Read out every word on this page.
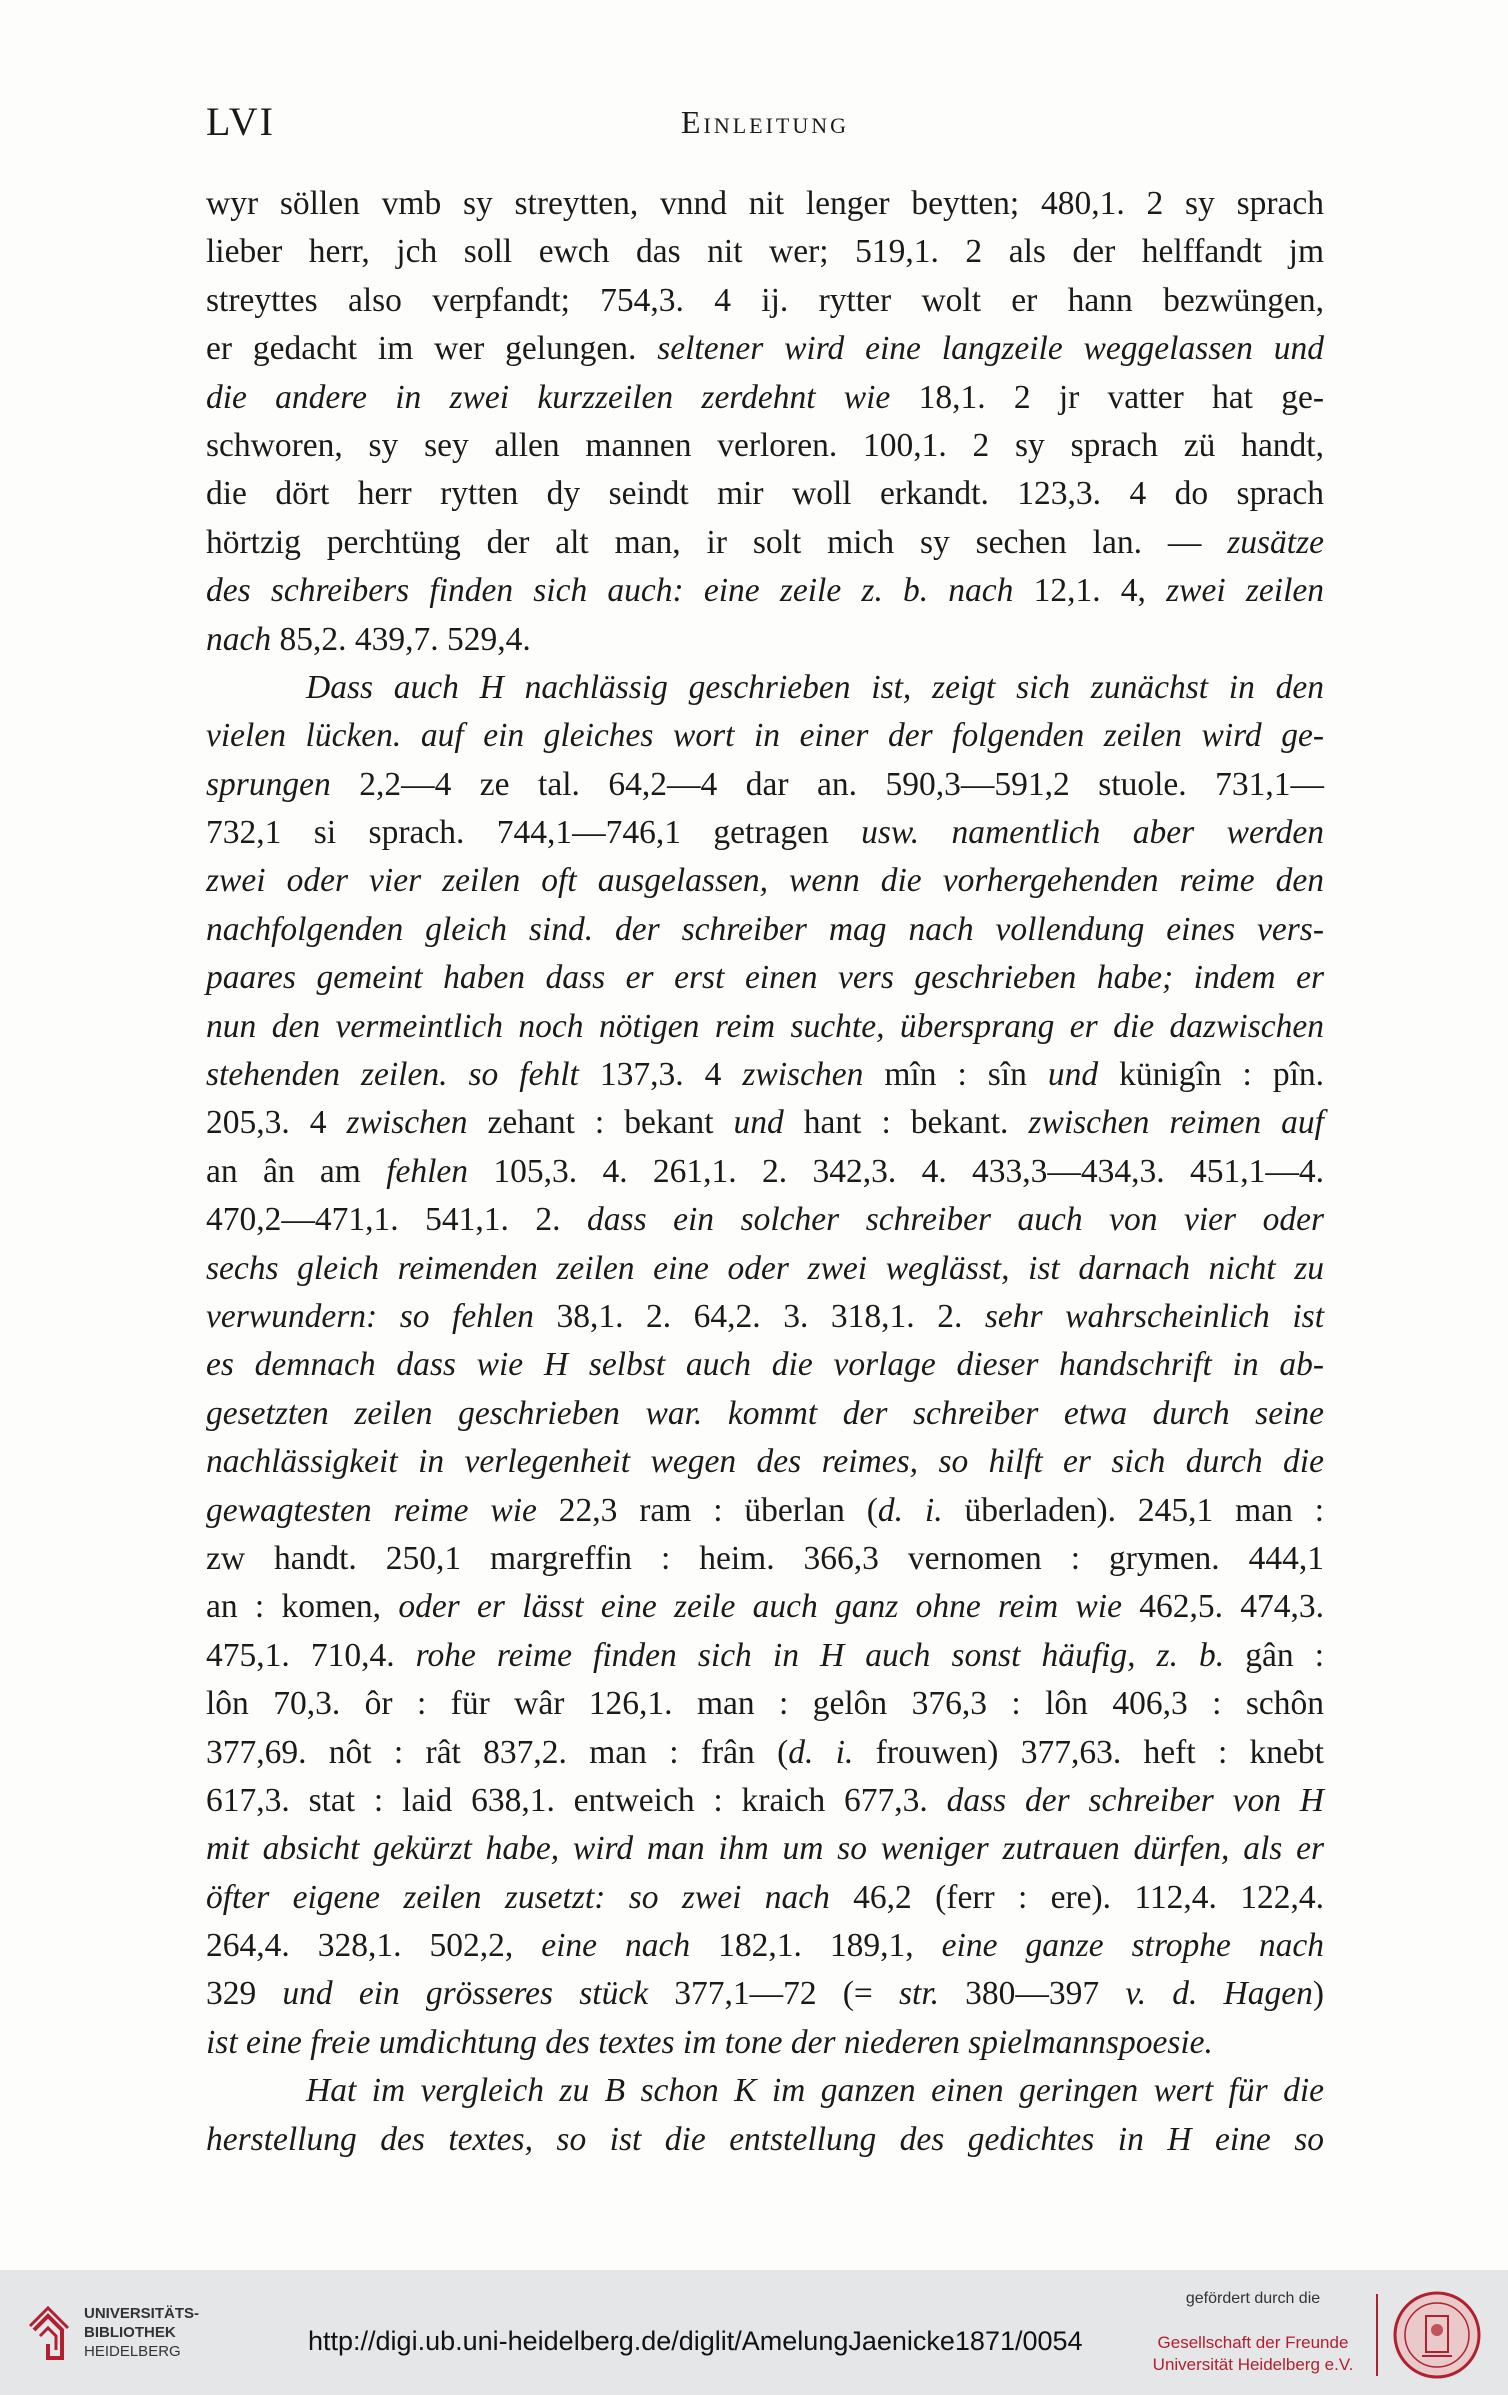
LVI	Einleitung
wyr söllen vmb sy streytten, vnnd nit lenger beytten; 480,1. 2 sy sprach
lieber herr, jch soll ewch das nit wer; 519,1. 2 als der helffandt jm
streyttes also verpfandt; 754,3. 4 ij. rytter wolt er hann bezwüngen,
er gedacht im wer gelungen. seltener wird eine langzeile weggelassen und
die andere in zwei kurzzeilen zerdehnt wie 18,1. 2 jr vatter hat ge-
schworen, sy sey allen mannen verloren. 100,1. 2 sy sprach zü handt,
die dört herr rytten dy seindt mir woll erkandt. 123,3. 4 do sprach
hörtzig perchtüng der alt man, ir solt mich sy sechen lan. — zusätze
des schreibers finden sich auch: eine zeile z. b. nach 12,1. 4, zwei zeilen
nach 85,2. 439,7. 529,4.
Dass auch H nachlässig geschrieben ist, zeigt sich zunächst in den
vielen lücken. auf ein gleiches wort in einer der folgenden zeilen wird ge-
sprungen 2,2—4 ze tal. 64,2—4 dar an. 590,3—591,2 stuole. 731,1—
732,1 si sprach. 744,1—746,1 getragen usw. namentlich aber werden
zwei oder vier zeilen oft ausgelassen, wenn die vorhergehenden reime den
nachfolgenden gleich sind. der schreiber mag nach vollendung eines vers-
paares gemeint haben dass er erst einen vers geschrieben habe; indem er
nun den vermeintlich noch nötigen reim suchte, übersprang er die dazwischen
stehenden zeilen. so fehlt 137,3. 4 zwischen mîn : sîn und künigîn : pîn.
205,3. 4 zwischen zehant : bekant und hant : bekant. zwischen reimen auf
an ân am fehlen 105,3. 4. 261,1. 2. 342,3. 4. 433,3—434,3. 451,1—4.
470,2—471,1. 541,1. 2. dass ein solcher schreiber auch von vier oder
sechs gleich reimenden zeilen eine oder zwei weglässt, ist darnach nicht zu
verwundern: so fehlen 38,1. 2. 64,2. 3. 318,1. 2. sehr wahrscheinlich ist
es demnach dass wie H selbst auch die vorlage dieser handschrift in ab-
gesetzten zeilen geschrieben war. kommt der schreiber etwa durch seine
nachlässigkeit in verlegenheit wegen des reimes, so hilft er sich durch die
gewagtesten reime wie 22,3 ram : überlan (d. i. überladen). 245,1 man :
zw handt. 250,1 margreffin : heim. 366,3 vernomen : grymen. 444,1
an : komen, oder er lässt eine zeile auch ganz ohne reim wie 462,5. 474,3.
475,1. 710,4. rohe reime finden sich in H auch sonst häufig, z. b. gân :
lôn 70,3. ôr : für wâr 126,1. man : gelôn 376,3 : lôn 406,3 : schôn
377,69. nôt : rât 837,2. man : frân (d. i. frouwen) 377,63. heft : knebt
617,3. stat : laid 638,1. entweich : kraich 677,3. dass der schreiber von H
mit absicht gekürzt habe, wird man ihm um so weniger zutrauen dürfen, als er
öfter eigene zeilen zusetzt: so zwei nach 46,2 (ferr : ere). 112,4. 122,4.
264,4. 328,1. 502,2, eine nach 182,1. 189,1, eine ganze strophe nach
329 und ein grösseres stück 377,1—72 (= str. 380—397 v. d. Hagen)
ist eine freie umdichtung des textes im tone der niederen spielmannspoesie.
Hat im vergleich zu B schon K im ganzen einen geringen wert für die
herstellung des textes, so ist die entstellung des gedichtes in H eine so
UNIVERSITÄTS-
BIBLIOTHEK
HEIDELBERG	http://digi.ub.uni-heidelberg.de/diglit/AmelungJaenicke1871/0054
gefördert durch die
Gesellschaft der Freunde
Universität Heidelberg e.V.
